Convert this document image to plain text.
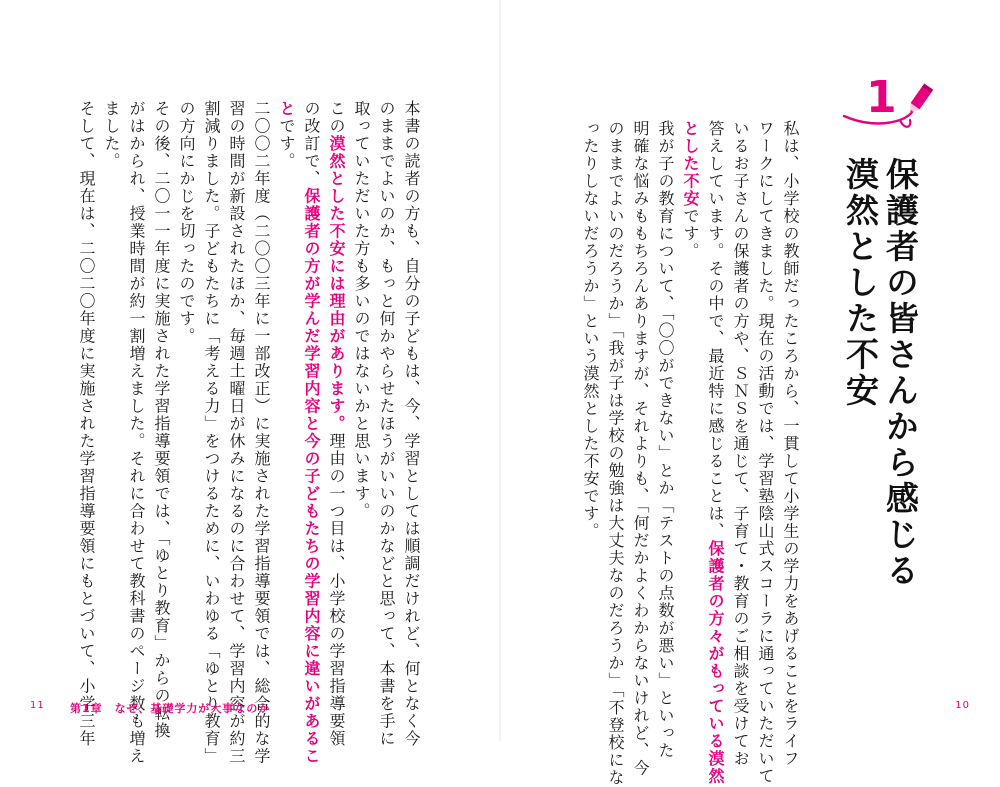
1
保護者の皆さんから感じる
漠然とした不安
私は、小学校の教師だったころから、一貫して小学生の学力をあげることをライフ
ワークにしてきました。現在の活動では、学習塾陰山式スコーラに通っていただいて
いるお子さんの保護者の方や、ＳＮＳを通じて、子育て・教育のご相談を受けてお
答えしています。その中で、最近特に感じることは、保護者の方々がもっている漠然
とした不安です。
我が子の教育について、「〇〇ができない」とか「テストの点数が悪い」といった
明確な悩みももちろんありますが、それよりも、「何だかよくわからないけれど、今
のままでよいのだろうか」「我が子は学校の勉強は大丈夫なのだろうか」「不登校にな
ったりしないだろうか」という漠然とした不安です。
本書の読者の方も、自分の子どもは、今、学習としては順調だけれど、何となく今
のままでよいのか、もっと何かやらせたほうがいいのかなどと思って、本書を手に
取っていただいた方も多いのではないかと思います。
この漠然とした不安には理由があります。理由の一つ目は、小学校の学習指導要領
の改訂で、保護者の方が学んだ学習内容と今の子どもたちの学習内容に違いがあるこ
とです。
二〇〇二年度（二〇〇三年に一部改正）に実施された学習指導要領では、総合的な学
習の時間が新設されたほか、毎週土曜日が休みになるのに合わせて、学習内容が約三
割減りました。子どもたちに「考える力」をつけるために、いわゆる「ゆとり教育」
の方向にかじを切ったのです。
その後、二〇一一年度に実施された学習指導要領では、「ゆとり教育」からの転換
がはかられ、授業時間が約一割増えました。それに合わせて教科書のページ数も増え
ました。
そして、現在は、二〇二〇年度に実施された学習指導要領にもとづいて、小学三年
11 第1章　なぜ、基礎学力が大事なのか	10
